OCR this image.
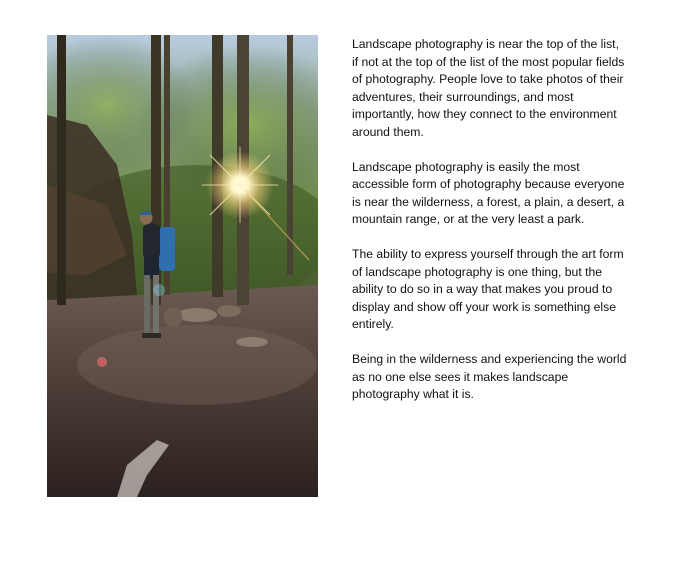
Landscape photography is near the top of the list, if not at the top of the list of the most popular fields of photography. People love to take photos of their adventures, their surroundings, and most importantly, how they connect to the environment around them.

Landscape photography is easily the most accessible form of photography because everyone is near the wilderness, a forest, a plain, a desert, a mountain range, or at the very least a park.

The ability to express yourself through the art form of landscape photography is one thing, but the ability to do so in a way that makes you proud to display and show off your work is something else entirely.

Being in the wilderness and experiencing the world as no one else sees it makes landscape photography what it is.
